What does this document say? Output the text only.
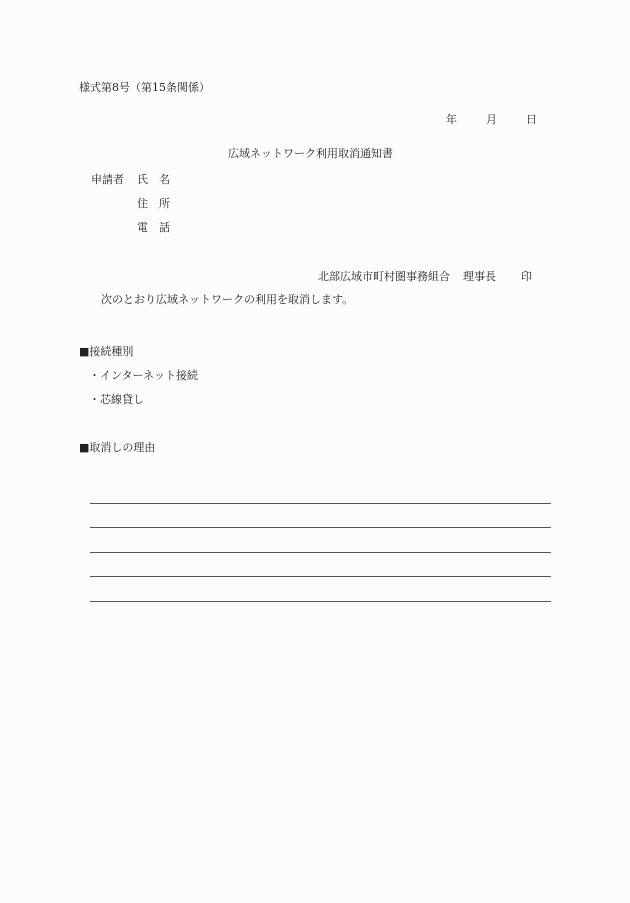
様式第8号（第15条関係）
年	月	日
広域ネットワーク利用取消通知書
申請者 氏 名
住 所
電 話
北部広域市町村圏事務組合 理事長 印
次のとおり広域ネットワークの利用を取消します。
■接続種別
・インターネット接続
・芯線貸し
■取消しの理由
